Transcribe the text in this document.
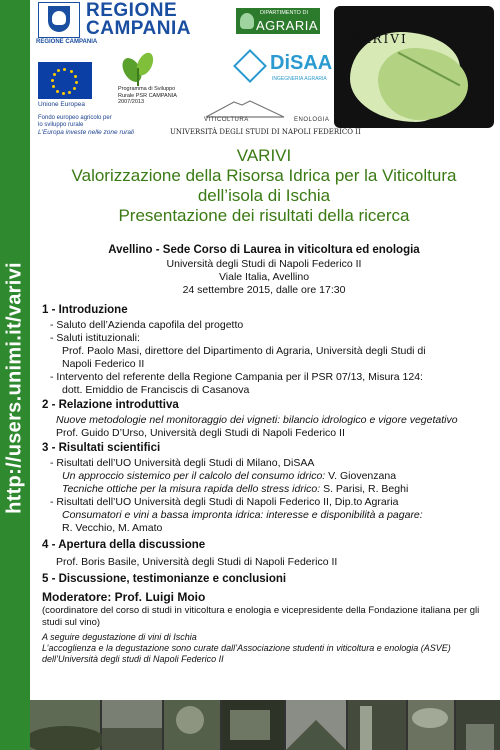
http://users.unimi.it/varivi
REGIONE CAMPANIA
REGIONE
CAMPANIA
Unione Europea
Fondo europeo agricolo per lo sviluppo rurale
L'Europa investe nelle zone rurali
Programma di Sviluppo Rurale PSR CAMPANIA 2007/2013
DIPARTIMENTO DI
AGRARIA
DiSAA
INGEGNERIA AGRARIA
VARIVI
VITICOLTURA	ENOLOGIA
UNIVERSITÀ DEGLI STUDI DI NAPOLI FEDERICO II
VARIVI
Valorizzazione della Risorsa Idrica per la Viticoltura
dell’isola di Ischia
Presentazione dei risultati della ricerca
Avellino - Sede Corso di Laurea in viticoltura ed enologia
Università degli Studi di Napoli Federico II
Viale Italia, Avellino
24 settembre 2015, dalle ore 17:30
1 - Introduzione
- Saluto dell’Azienda capofila del progetto
- Saluti istituzionali:
Prof. Paolo Masi, direttore del Dipartimento di Agraria, Università degli Studi di
Napoli Federico II
- Intervento del referente della Regione Campania per il PSR 07/13, Misura 124:
dott. Emiddio de Franciscis di Casanova
2 - Relazione introduttiva
Nuove metodologie nel monitoraggio dei vigneti: bilancio idrologico e vigore vegetativo
Prof. Guido D’Urso, Università degli Studi di Napoli Federico II
3 - Risultati scientifici
- Risultati dell’UO Università degli Studi di Milano, DiSAA
Un approccio sistemico per il calcolo del consumo idrico: V. Giovenzana
Tecniche ottiche per la misura rapida dello stress idrico: S. Parisi, R. Beghi
- Risultati dell’UO Università degli Studi di Napoli Federico II, Dip.to Agraria
Consumatori e vini a bassa impronta idrica: interesse e disponibilità a pagare:
R. Vecchio, M. Amato
4 - Apertura della discussione
Prof. Boris Basile, Università degli Studi di Napoli Federico II
5 - Discussione, testimonianze e conclusioni
Moderatore: Prof. Luigi Moio
(coordinatore del corso di studi in viticoltura e enologia e vicepresidente della Fondazione italiana per gli studi sul vino)
A seguire degustazione di vini di Ischia
L’accoglienza e la degustazione sono curate dall’Associazione studenti in viticoltura e enologia (ASVE) dell’Università degli studi di Napoli Federico II
